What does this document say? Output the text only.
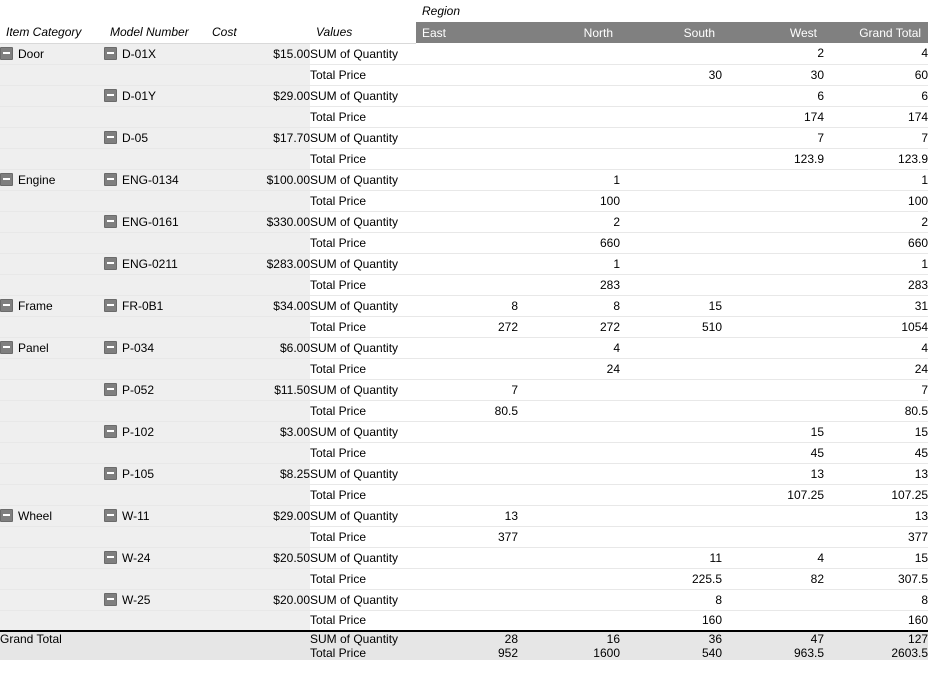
				Region				
Item Category	Model Number	Cost	Values	East	North	South	West	Grand Total
Door	D-01X	$15.00	SUM of Quantity				2	4
			Total Price			30	30	60
	D-01Y	$29.00	SUM of Quantity				6	6
			Total Price				174	174
	D-05	$17.70	SUM of Quantity				7	7
			Total Price				123.9	123.9
Engine	ENG-0134	$100.00	SUM of Quantity		1			1
			Total Price		100			100
	ENG-0161	$330.00	SUM of Quantity		2			2
			Total Price		660			660
	ENG-0211	$283.00	SUM of Quantity		1			1
			Total Price		283			283
Frame	FR-0B1	$34.00	SUM of Quantity	8	8	15		31
			Total Price	272	272	510		1054
Panel	P-034	$6.00	SUM of Quantity		4			4
			Total Price		24			24
	P-052	$11.50	SUM of Quantity	7				7
			Total Price	80.5				80.5
	P-102	$3.00	SUM of Quantity				15	15
			Total Price				45	45
	P-105	$8.25	SUM of Quantity				13	13
			Total Price				107.25	107.25
Wheel	W-11	$29.00	SUM of Quantity	13				13
			Total Price	377				377
	W-24	$20.50	SUM of Quantity			11	4	15
			Total Price			225.5	82	307.5
	W-25	$20.00	SUM of Quantity			8		8
			Total Price			160		160
Grand Total			SUM of Quantity	28	16	36	47	127
			Total Price	952	1600	540	963.5	2603.5
